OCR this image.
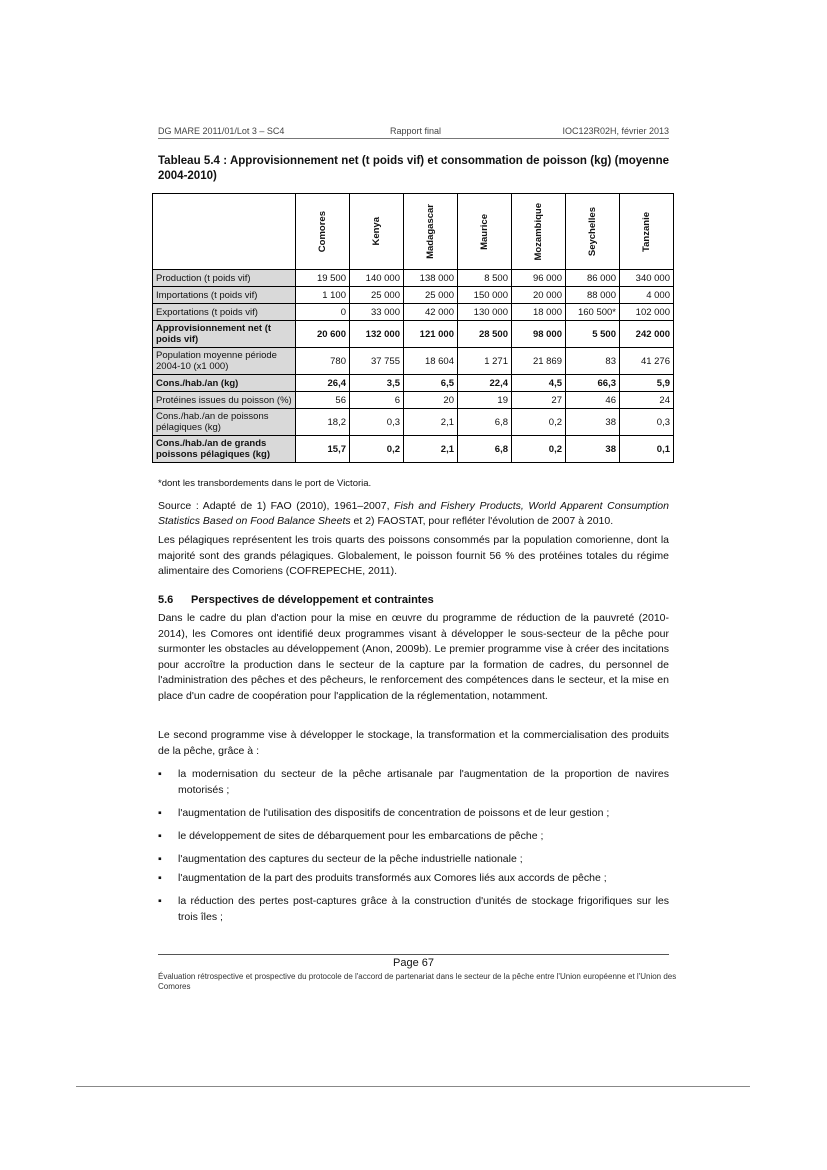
DG MARE 2011/01/Lot 3 – SC4	Rapport final	IOC123R02H, février 2013
Tableau 5.4 : Approvisionnement net (t poids vif) et consommation de poisson (kg) (moyenne 2004-2010)

	Comores	Kenya	Madagascar	Maurice	Mozambique	Seychelles	Tanzanie

Production (t poids vif)	19 500	140 000	138 000	8 500	96 000	86 000	340 000
Importations (t poids vif)	1 100	25 000	25 000	150 000	20 000	88 000	4 000
Exportations (t poids vif)	0	33 000	42 000	130 000	18 000	160 500*	102 000
Approvisionnement net (t poids vif)	20 600	132 000	121 000	28 500	98 000	5 500	242 000
Population moyenne période 2004-10 (x1 000)	780	37 755	18 604	1 271	21 869	83	41 276
Cons./hab./an (kg)	26,4	3,5	6,5	22,4	4,5	66,3	5,9
Protéines issues du poisson (%)	56	6	20	19	27	46	24
Cons./hab./an de poissons pélagiques (kg)	18,2	0,3	2,1	6,8	0,2	38	0,3
Cons./hab./an de grands poissons pélagiques (kg)	15,7	0,2	2,1	6,8	0,2	38	0,1
*dont les transbordements dans le port de Victoria.
Source : Adapté de 1) FAO (2010), 1961–2007, Fish and Fishery Products, World Apparent Consumption Statistics Based on Food Balance Sheets et 2) FAOSTAT, pour refléter l'évolution de 2007 à 2010.
Les pélagiques représentent les trois quarts des poissons consommés par la population comorienne, dont la majorité sont des grands pélagiques. Globalement, le poisson fournit 56 % des protéines totales du régime alimentaire des Comoriens (COFREPECHE, 2011).
5.6 Perspectives de développement et contraintes
Dans le cadre du plan d'action pour la mise en œuvre du programme de réduction de la pauvreté (2010-2014), les Comores ont identifié deux programmes visant à développer le sous-secteur de la pêche pour surmonter les obstacles au développement (Anon, 2009b). Le premier programme vise à créer des incitations pour accroître la production dans le secteur de la capture par la formation de cadres, du personnel de l'administration des pêches et des pêcheurs, le renforcement des compétences dans le secteur, et la mise en place d'un cadre de coopération pour l'application de la réglementation, notamment.
Le second programme vise à développer le stockage, la transformation et la commercialisation des produits de la pêche, grâce à :
▪ la modernisation du secteur de la pêche artisanale par l'augmentation de la proportion de navires motorisés ;
▪ l'augmentation de l'utilisation des dispositifs de concentration de poissons et de leur gestion ;
▪ le développement de sites de débarquement pour les embarcations de pêche ;
▪ l'augmentation des captures du secteur de la pêche industrielle nationale ;
▪ l'augmentation de la part des produits transformés aux Comores liés aux accords de pêche ;
▪ la réduction des pertes post-captures grâce à la construction d'unités de stockage frigorifiques sur les trois îles ;
Page 67
Évaluation rétrospective et prospective du protocole de l'accord de partenariat dans le secteur de la pêche entre l'Union européenne et l'Union des Comores
